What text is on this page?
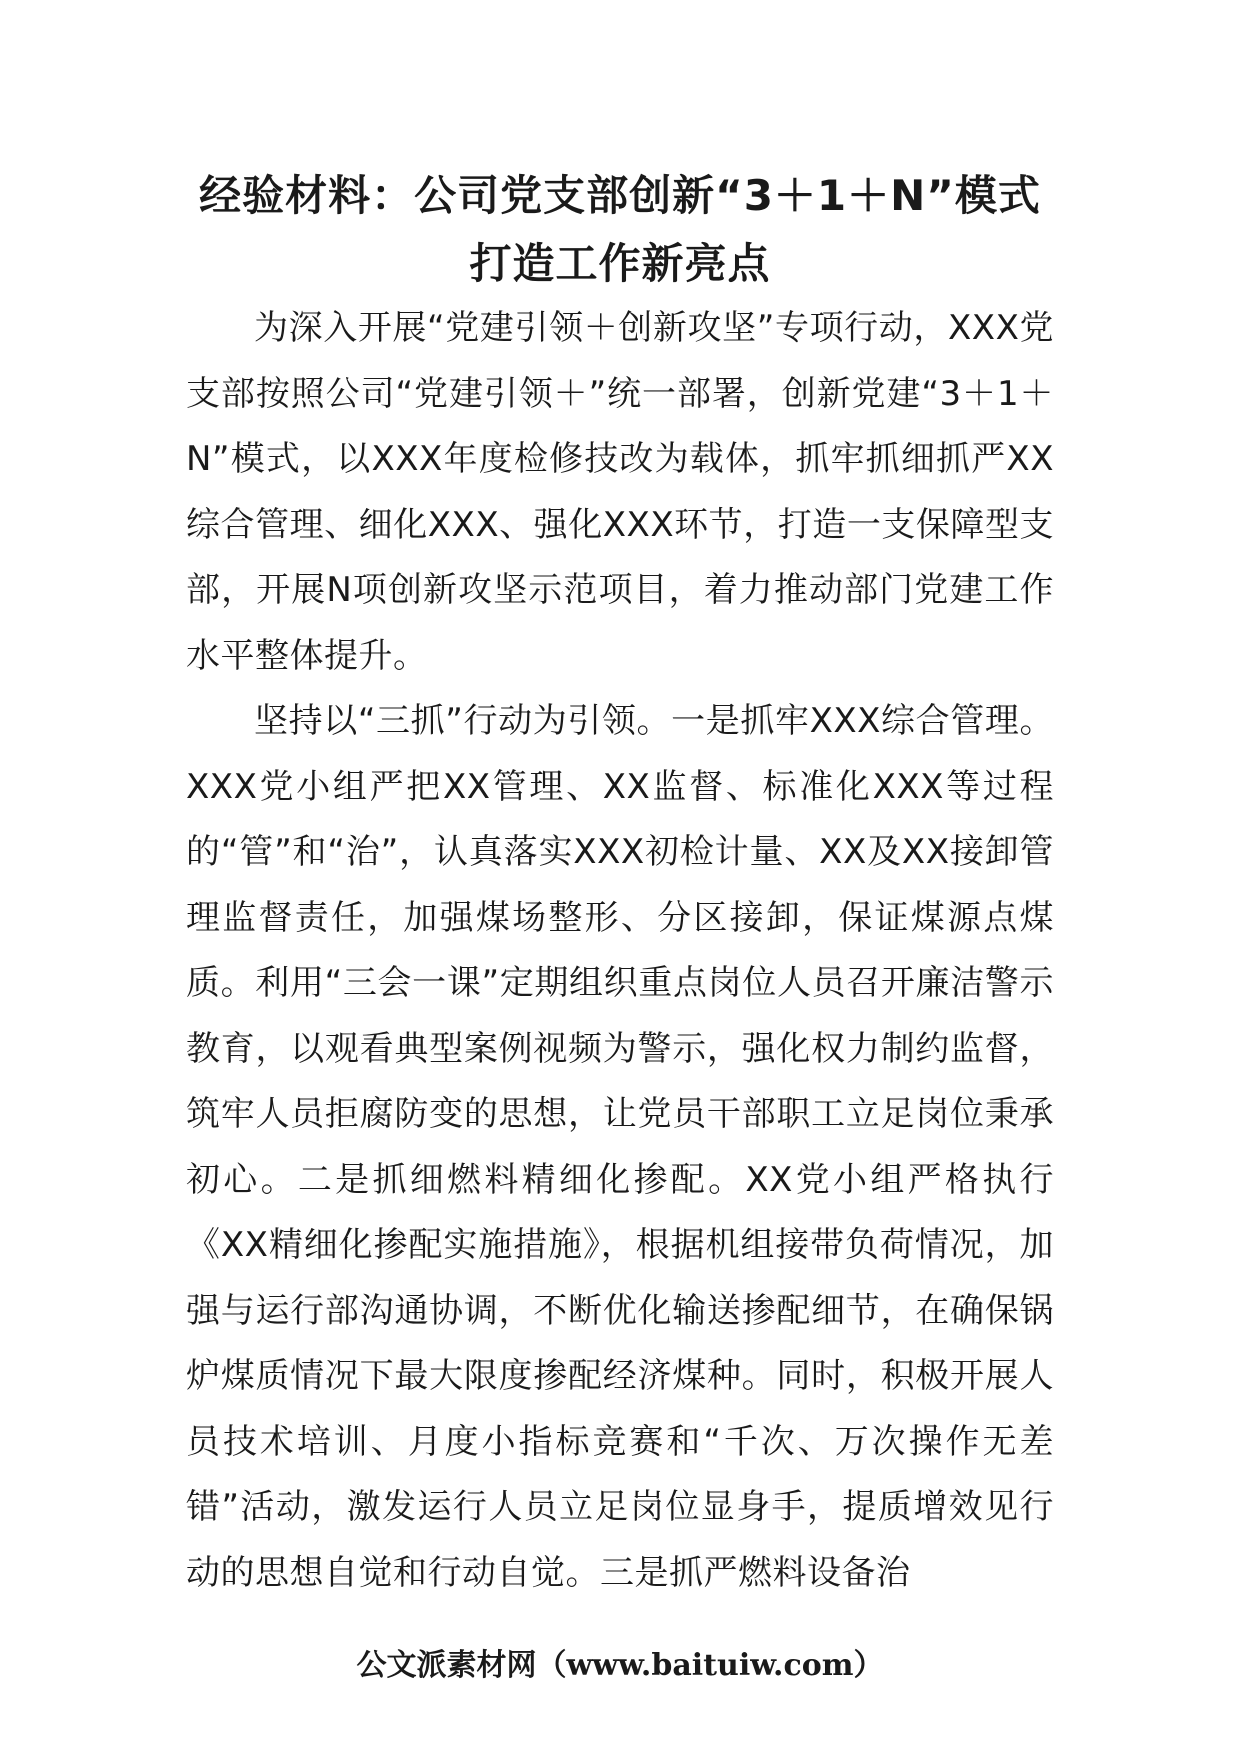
经验材料：公司党支部创新“3＋1＋N”模式打造工作新亮点

为深入开展“党建引领＋创新攻坚”专项行动，XXX党支部按照公司“党建引领＋”统一部署，创新党建“3＋1＋N”模式，以XXX年度检修技改为载体，抓牢抓细抓严XX综合管理、细化XXX、强化XXX环节，打造一支保障型支部，开展N项创新攻坚示范项目，着力推动部门党建工作水平整体提升。

坚持以“三抓”行动为引领。一是抓牢XXX综合管理。XXX党小组严把XX管理、XX监督、标准化XXX等过程的“管”和“治”，认真落实XXX初检计量、XX及XX接卸管理监督责任，加强煤场整形、分区接卸，保证煤源点煤质。利用“三会一课”定期组织重点岗位人员召开廉洁警示教育，以观看典型案例视频为警示，强化权力制约监督，筑牢人员拒腐防变的思想，让党员干部职工立足岗位秉承初心。二是抓细燃料精细化掺配。XX党小组严格执行《XX精细化掺配实施措施》，根据机组接带负荷情况，加强与运行部沟通协调，不断优化输送掺配细节，在确保锅炉煤质情况下最大限度掺配经济煤种。同时，积极开展人员技术培训、月度小指标竞赛和“千次、万次操作无差错”活动，激发运行人员立足岗位显身手，提质增效见行动的思想自觉和行动自觉。三是抓严燃料设备治

公文派素材网（www.baituiw.com）
